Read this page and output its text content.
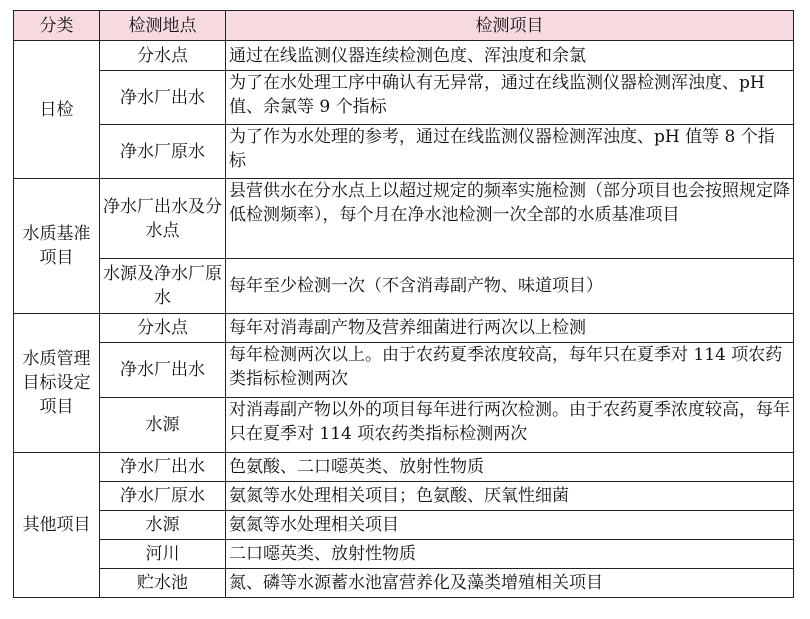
分类	检测地点	检测项目
日检	分水点	通过在线监测仪器连续检测色度、浑浊度和余氯
	净水厂出水	为了在水处理工序中确认有无异常，通过在线监测仪器检测浑浊度、pH 值、余氯等 9 个指标
	净水厂原水	为了作为水处理的参考，通过在线监测仪器检测浑浊度、pH 值等 8 个指标
水质基准项目	净水厂出水及分水点	县营供水在分水点上以超过规定的频率实施检测（部分项目也会按照规定降低检测频率），每个月在净水池检测一次全部的水质基准项目
	水源及净水厂原水	每年至少检测一次（不含消毒副产物、味道项目）
水质管理目标设定项目	分水点	每年对消毒副产物及营养细菌进行两次以上检测
	净水厂出水	每年检测两次以上。由于农药夏季浓度较高，每年只在夏季对 114 项农药类指标检测两次
	水源	对消毒副产物以外的项目每年进行两次检测。由于农药夏季浓度较高，每年只在夏季对 114 项农药类指标检测两次
其他项目	净水厂出水	色氨酸、二口噁英类、放射性物质
	净水厂原水	氨氮等水处理相关项目；色氨酸、厌氧性细菌
	水源	氨氮等水处理相关项目
	河川	二口噁英类、放射性物质
	贮水池	氮、磷等水源蓄水池富营养化及藻类增殖相关项目
